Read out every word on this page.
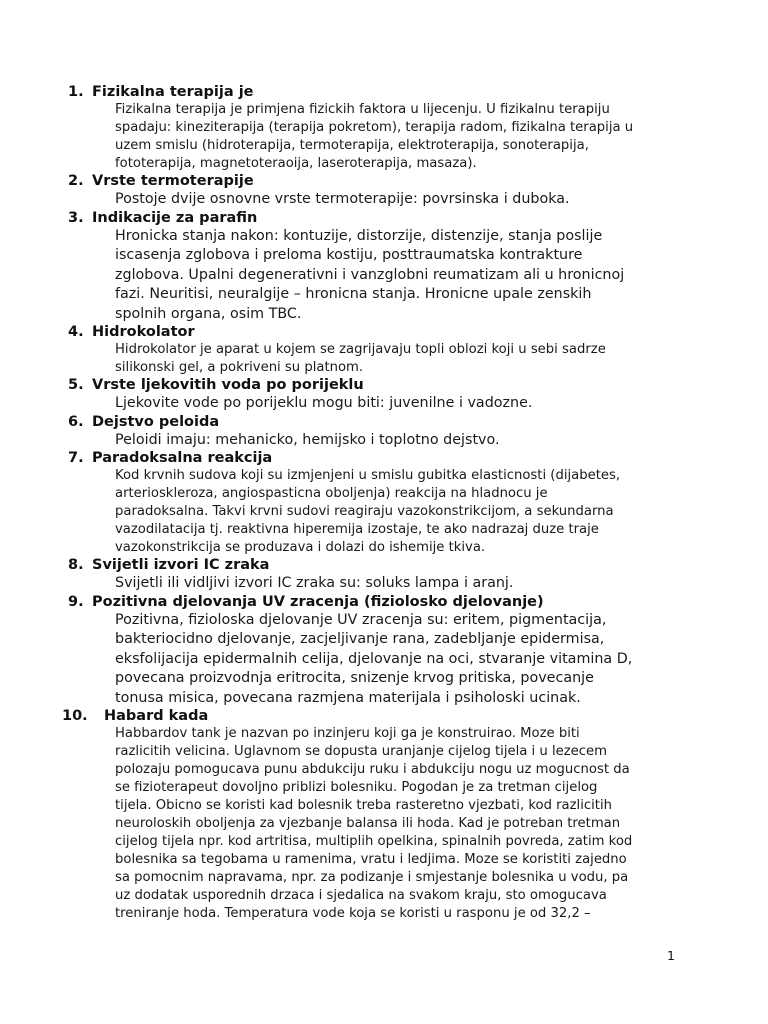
1. Fizikalna terapija je
Fizikalna terapija je primjena fizickih faktora u lijecenju. U fizikalnu terapiju
spadaju: kineziterapija (terapija pokretom), terapija radom, fizikalna terapija u
uzem smislu (hidroterapija, termoterapija, elektroterapija, sonoterapija,
fototerapija, magnetoteraoija, laseroterapija, masaza).
2. Vrste termoterapije
Postoje dvije osnovne vrste termoterapije: povrsinska i duboka.
3. Indikacije za parafin
Hronicka stanja nakon: kontuzije, distorzije, distenzije, stanja poslije
iscasenja zglobova i preloma kostiju, posttraumatska kontrakture
zglobova. Upalni degenerativni i vanzglobni reumatizam ali u hronicnoj
fazi. Neuritisi, neuralgije – hronicna stanja. Hronicne upale zenskih
spolnih organa, osim TBC.
4. Hidrokolator
Hidrokolator je aparat u kojem se zagrijavaju topli oblozi koji u sebi sadrze
silikonski gel, a pokriveni su platnom.
5. Vrste ljekovitih voda po porijeklu
Ljekovite vode po porijeklu mogu biti: juvenilne i vadozne.
6. Dejstvo peloida
Peloidi imaju: mehanicko, hemijsko i toplotno dejstvo.
7. Paradoksalna reakcija
Kod krvnih sudova koji su izmjenjeni u smislu gubitka elasticnosti (dijabetes,
arterioskleroza, angiospasticna oboljenja) reakcija na hladnocu je
paradoksalna. Takvi krvni sudovi reagiraju vazokonstrikcijom, a sekundarna
vazodilatacija tj. reaktivna hiperemija izostaje, te ako nadrazaj duze traje
vazokonstrikcija se produzava i dolazi do ishemije tkiva.
8. Svijetli izvori IC zraka
Svijetli ili vidljivi izvori IC zraka su: soluks lampa i aranj.
9. Pozitivna djelovanja UV zracenja (fiziolosko djelovanje)
Pozitivna, fizioloska djelovanje UV zracenja su: eritem, pigmentacija,
bakteriocidno djelovanje, zacjeljivanje rana, zadebljanje epidermisa,
eksfolijacija epidermalnih celija, djelovanje na oci, stvaranje vitamina D,
povecana proizvodnja eritrocita, snizenje krvog pritiska, povecanje
tonusa misica, povecana razmjena materijala i psiholoski ucinak.
10. Habard kada
Habbardov tank je nazvan po inzinjeru koji ga je konstruirao. Moze biti
razlicitih velicina. Uglavnom se dopusta uranjanje cijelog tijela i u lezecem
polozaju pomogucava punu abdukciju ruku i abdukciju nogu uz mogucnost da
se fizioterapeut dovoljno priblizi bolesniku. Pogodan je za tretman cijelog
tijela. Obicno se koristi kad bolesnik treba rasteretno vjezbati, kod razlicitih
neuroloskih oboljenja za vjezbanje balansa ili hoda. Kad je potreban tretman
cijelog tijela npr. kod artritisa, multiplih opelkina, spinalnih povreda, zatim kod
bolesnika sa tegobama u ramenima, vratu i ledjima. Moze se koristiti zajedno
sa pomocnim napravama, npr. za podizanje i smjestanje bolesnika u vodu, pa
uz dodatak usporednih drzaca i sjedalica na svakom kraju, sto omogucava
treniranje hoda. Temperatura vode koja se koristi u rasponu je od 32,2 –
1
